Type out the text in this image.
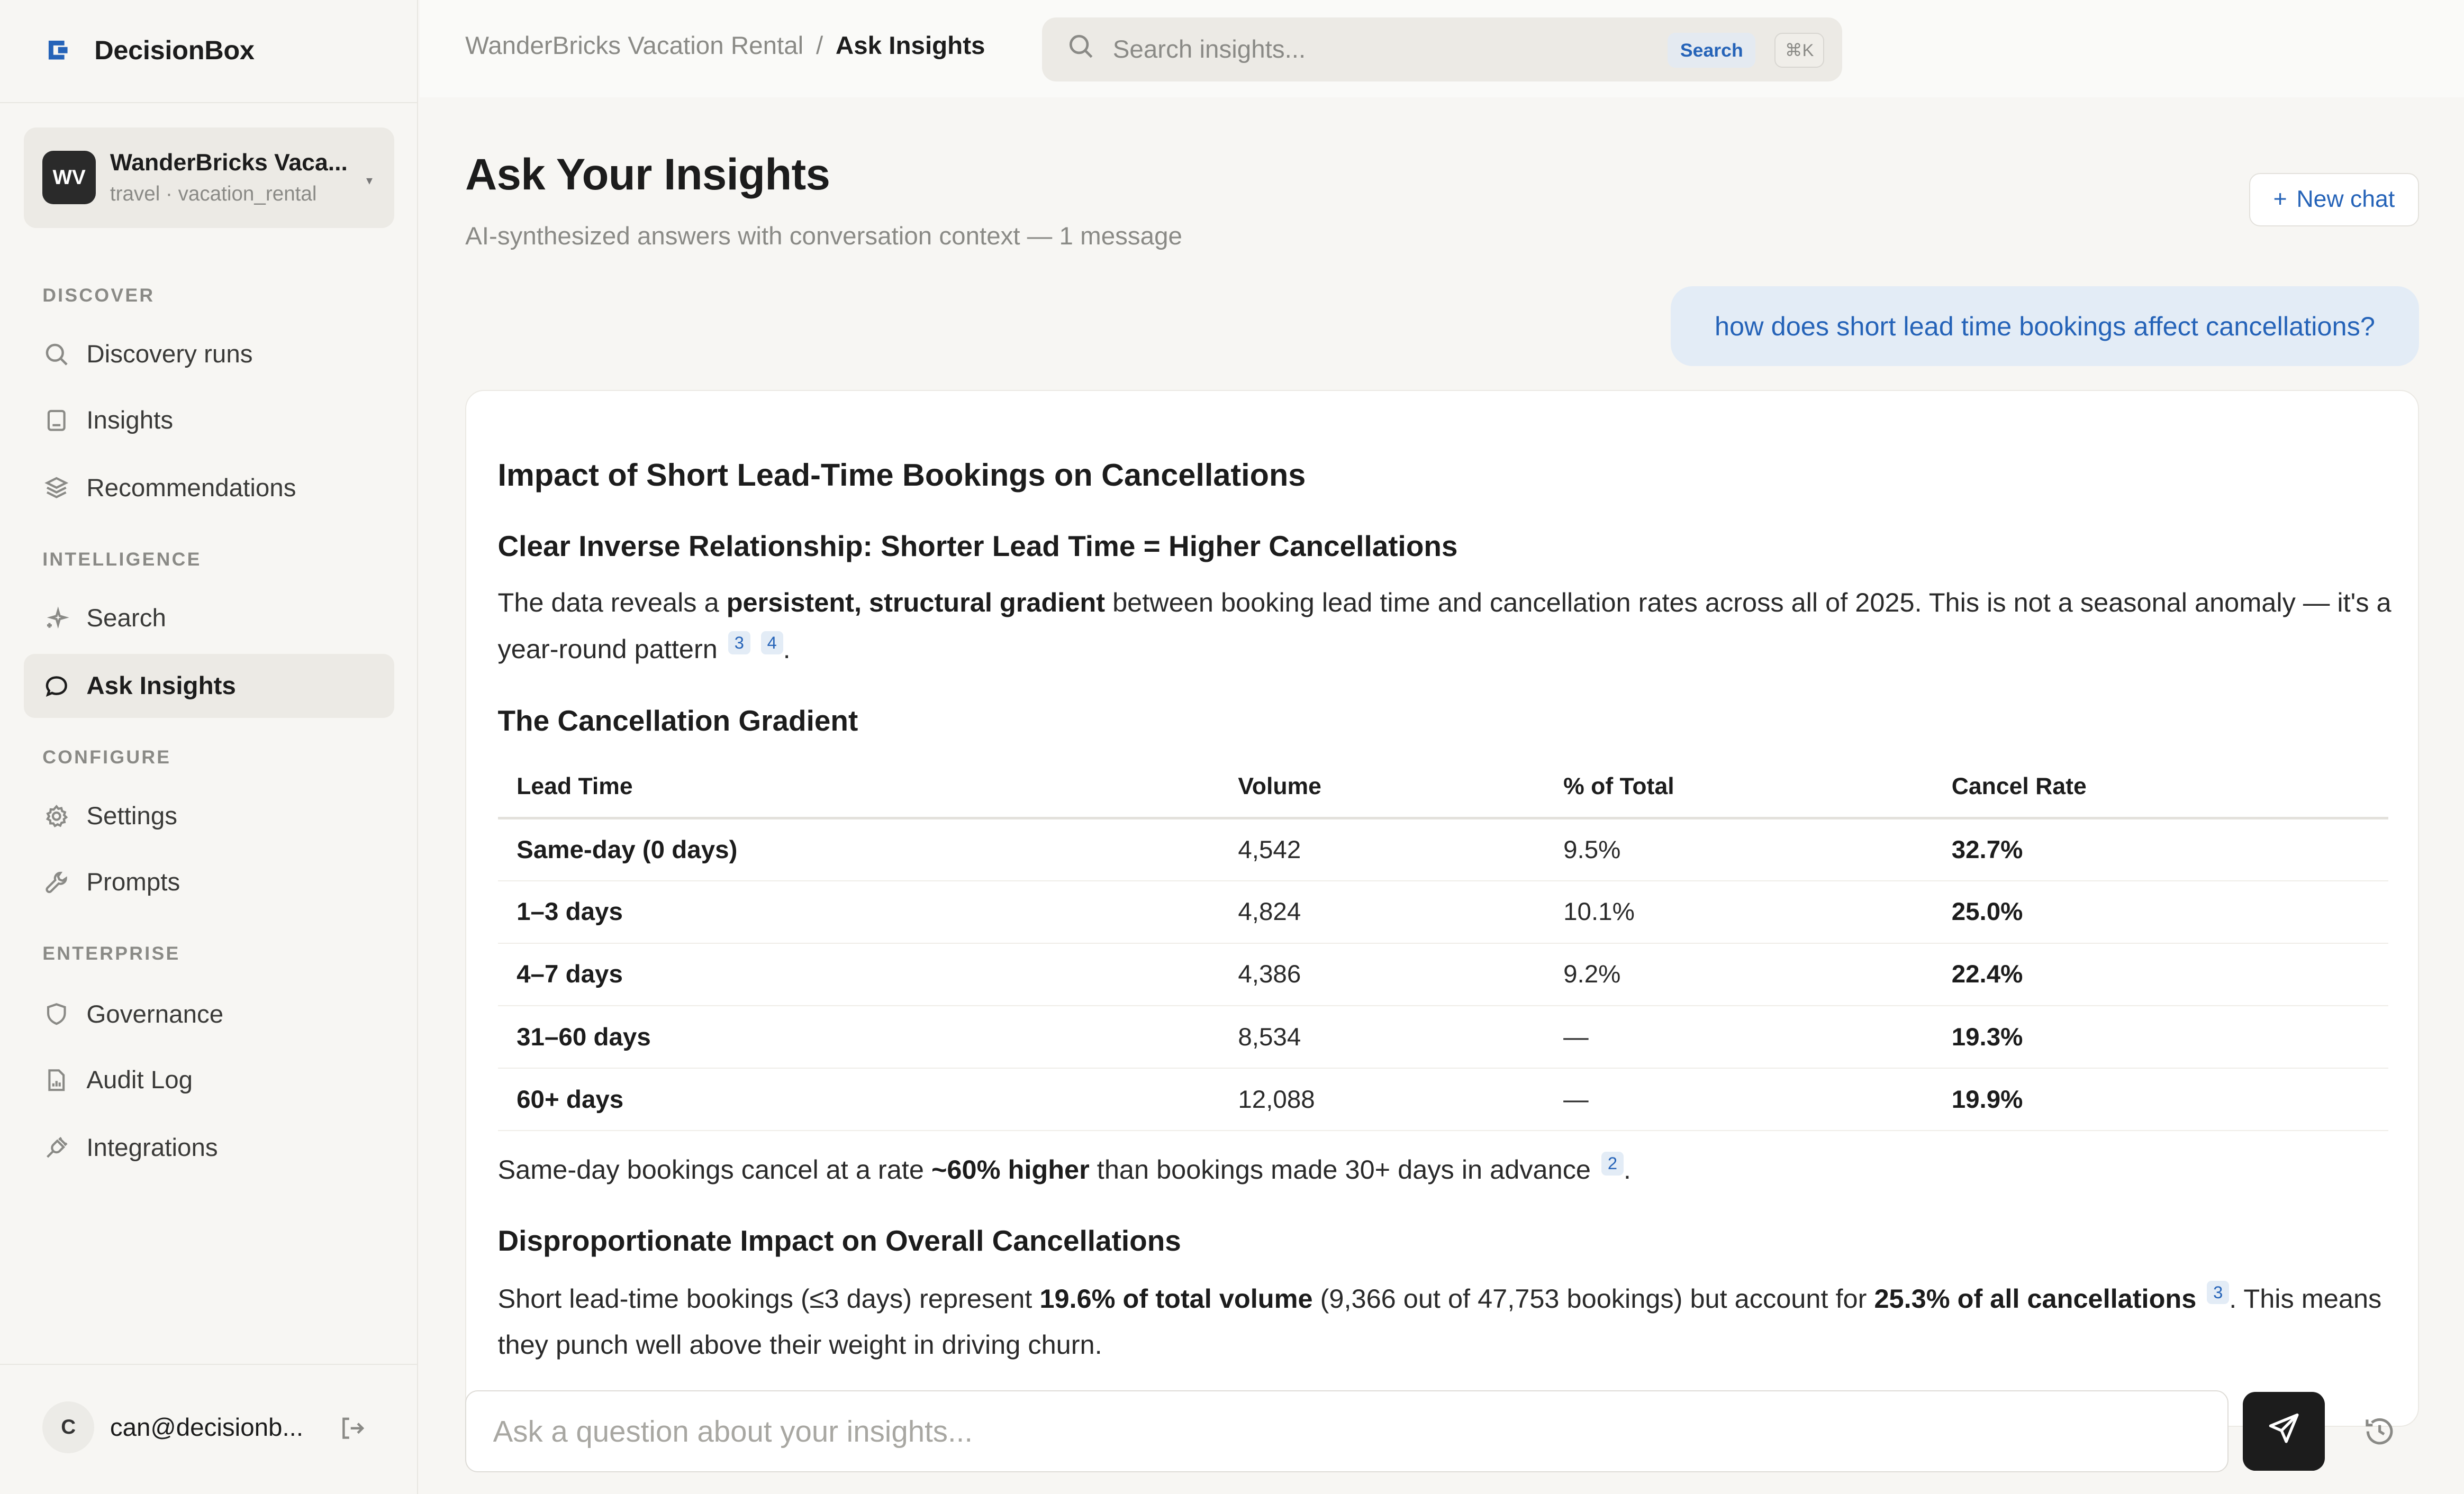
DecisionBox
WV
WanderBricks Vaca...
travel · vacation_rental
▾
DISCOVER
Discovery runs
Insights
Recommendations
INTELLIGENCE
Search
Ask Insights
CONFIGURE
Settings
Prompts
ENTERPRISE
Governance
Audit Log
Integrations
C	can@decisionb...
WanderBricks Vacation Rental / Ask Insights
Search insights...	Search	⌘K
Ask Your Insights
AI-synthesized answers with conversation context — 1 message
+ New chat
how does short lead time bookings affect cancellations?
Impact of Short Lead-Time Bookings on Cancellations
Clear Inverse Relationship: Shorter Lead Time = Higher Cancellations

The data reveals a persistent, structural gradient between booking lead time and cancellation rates across all of 2025. This is not a seasonal anomaly — it's a year-round pattern	3	4 .

The Cancellation Gradient
Lead Time	Volume	% of Total	Cancel Rate
Same-day (0 days)	4,542	9.5%	32.7%
1–3 days	4,824	10.1%	25.0%
4–7 days	4,386	9.2%	22.4%
31–60 days	8,534	—	19.3%
60+ days	12,088	—	19.9%

Same-day bookings cancel at a rate ~60% higher than bookings made 30+ days in advance	2 .

Disproportionate Impact on Overall Cancellations

Short lead-time bookings (≤3 days) represent 19.6% of total volume (9,366 out of 47,753 bookings) but account for 25.3% of all cancellations	3 . This means they punch well above their weight in driving churn.

Ask a question about your insights...
